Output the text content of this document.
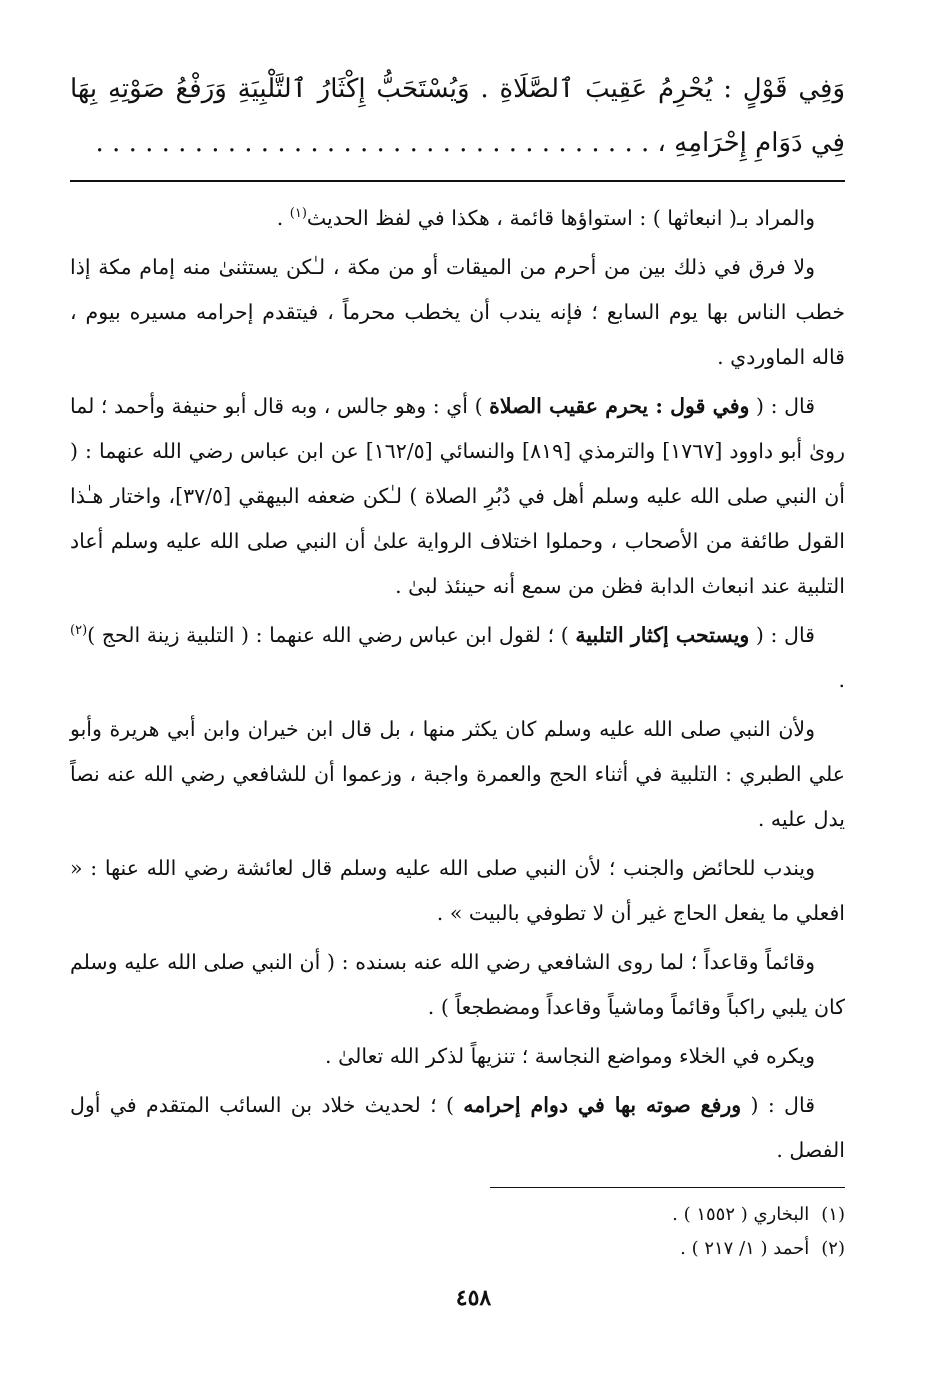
وَفِي قَوْلٍ : يُحْرِمُ عَقِيبَ ٱلصَّلَاةِ . وَيُسْتَحَبُّ إِكْثَارُ ٱلتَّلْبِيَةِ وَرَفْعُ صَوْتِهِ بِهَا فِي دَوَامِ إِحْرَامِهِ ، . . . . . . . . . . . . . . . . . . . . . . . . . . . . . . . . . .

والمراد بـ( انبعاثها ) : استواؤها قائمة ، هكذا في لفظ الحديث$^{(١)}$ .

ولا فرق في ذلك بين من أحرم من الميقات أو من مكة ، لـٰكن يستثنىٰ منه إمام مكة إذا خطب الناس بها يوم السابع ؛ فإنه يندب أن يخطب محرماً ، فيتقدم إحرامه مسيره بيوم ، قاله الماوردي .

قال : ( وفي قول : يحرم عقيب الصلاة ) أي : وهو جالس ، وبه قال أبو حنيفة وأحمد ؛ لما روىٰ أبو داوود [١٧٦٧] والترمذي [٨١٩] والنسائي [١٦٢/٥] عن ابن عباس رضي الله عنهما : ( أن النبي صلى الله عليه وسلم أهل في دُبُرِ الصلاة ) لـٰكن ضعفه البيهقي [٣٧/٥]، واختار هـٰذا القول طائفة من الأصحاب ، وحملوا اختلاف الرواية علىٰ أن النبي صلى الله عليه وسلم أعاد التلبية عند انبعاث الدابة فظن من سمع أنه حينئذ لبىٰ .

قال : ( ويستحب إكثار التلبية ) ؛ لقول ابن عباس رضي الله عنهما : ( التلبية زينة الحج )$^{(٢)}$ .

ولأن النبي صلى الله عليه وسلم كان يكثر منها ، بل قال ابن خيران وابن أبي هريرة وأبو علي الطبري : التلبية في أثناء الحج والعمرة واجبة ، وزعموا أن للشافعي رضي الله عنه نصاً يدل عليه .

ويندب للحائض والجنب ؛ لأن النبي صلى الله عليه وسلم قال لعائشة رضي الله عنها : « افعلي ما يفعل الحاج غير أن لا تطوفي بالبيت » .

وقائماً وقاعداً ؛ لما روى الشافعي رضي الله عنه بسنده : ( أن النبي صلى الله عليه وسلم كان يلبي راكباً وقائماً وماشياً وقاعداً ومضطجعاً ) .

ويكره في الخلاء ومواضع النجاسة ؛ تنزيهاً لذكر الله تعالىٰ .

قال : ( ورفع صوته بها في دوام إحرامه ) ؛ لحديث خلاد بن السائب المتقدم في أول الفصل .

(١) البخاري ( ١٥٥٢ ) .

(٢) أحمد ( ١/ ٢١٧ ) .

٤٥٨
